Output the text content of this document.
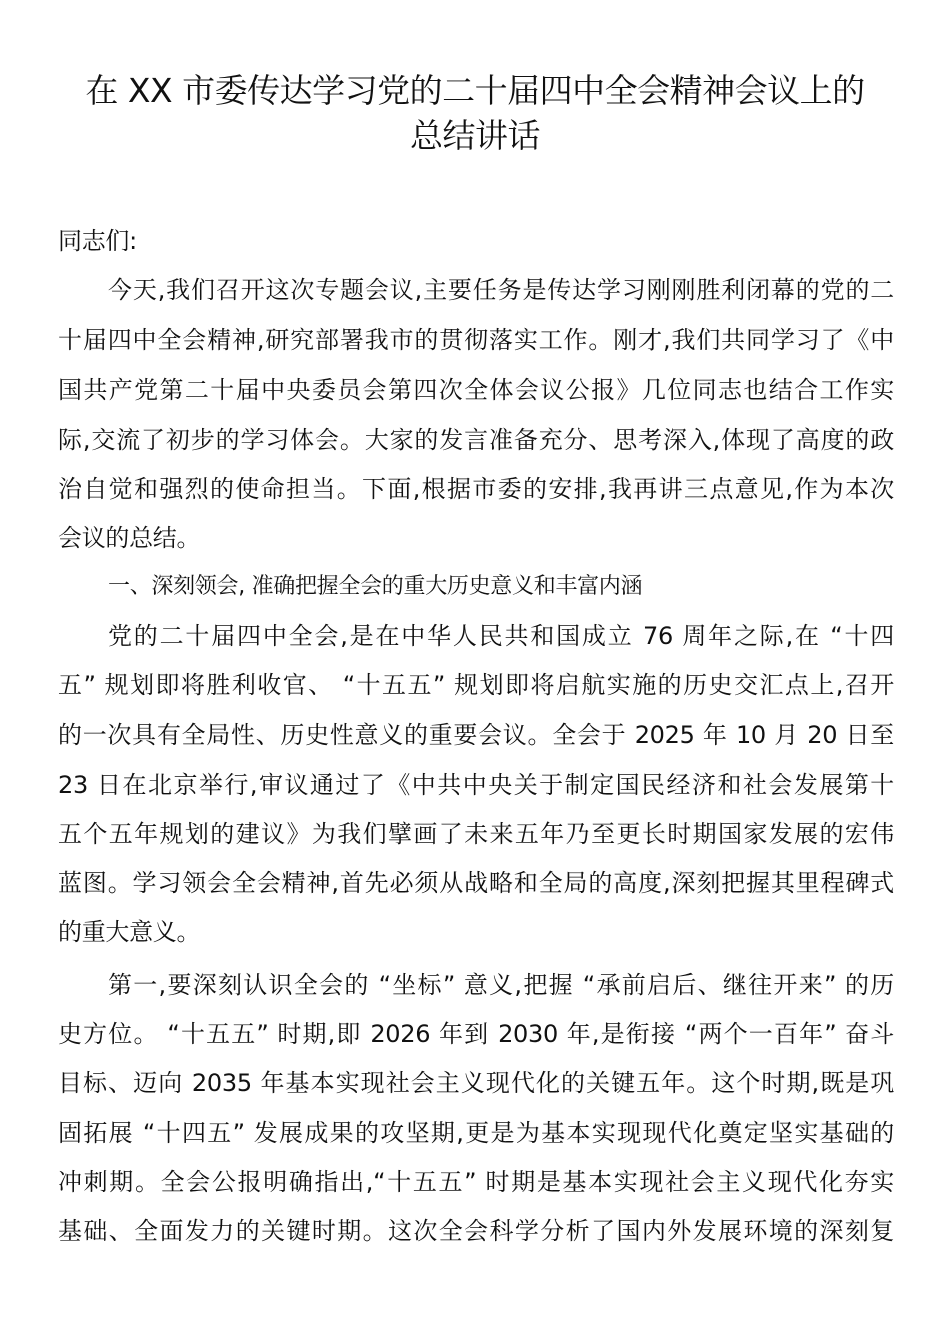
在 XX 市委传达学习党的二十届四中全会精神会议上的
总结讲话
同志们:
今天,我们召开这次专题会议,主要任务是传达学习刚刚胜利闭幕的党的二
十届四中全会精神,研究部署我市的贯彻落实工作。刚才,我们共同学习了《中
国共产党第二十届中央委员会第四次全体会议公报》几位同志也结合工作实
际,交流了初步的学习体会。大家的发言准备充分、思考深入,体现了高度的政
治自觉和强烈的使命担当。下面,根据市委的安排,我再讲三点意见,作为本次
会议的总结。
一、深刻领会, 准确把握全会的重大历史意义和丰富内涵
党的二十届四中全会,是在中华人民共和国成立 76 周年之际,在 “十四
五” 规划即将胜利收官、 “十五五” 规划即将启航实施的历史交汇点上,召开
的一次具有全局性、历史性意义的重要会议。全会于 2025 年 10 月 20 日至
23 日在北京举行,审议通过了《中共中央关于制定国民经济和社会发展第十
五个五年规划的建议》为我们擘画了未来五年乃至更长时期国家发展的宏伟
蓝图。学习领会全会精神,首先必须从战略和全局的高度,深刻把握其里程碑式
的重大意义。
第一,要深刻认识全会的 “坐标” 意义,把握 “承前启后、继往开来” 的历
史方位。 “十五五” 时期,即 2026 年到 2030 年,是衔接 “两个一百年” 奋斗
目标、迈向 2035 年基本实现社会主义现代化的关键五年。这个时期,既是巩
固拓展 “十四五” 发展成果的攻坚期,更是为基本实现现代化奠定坚实基础的
冲刺期。全会公报明确指出,“十五五” 时期是基本实现社会主义现代化夯实
基础、全面发力的关键时期。这次全会科学分析了国内外发展环境的深刻复
